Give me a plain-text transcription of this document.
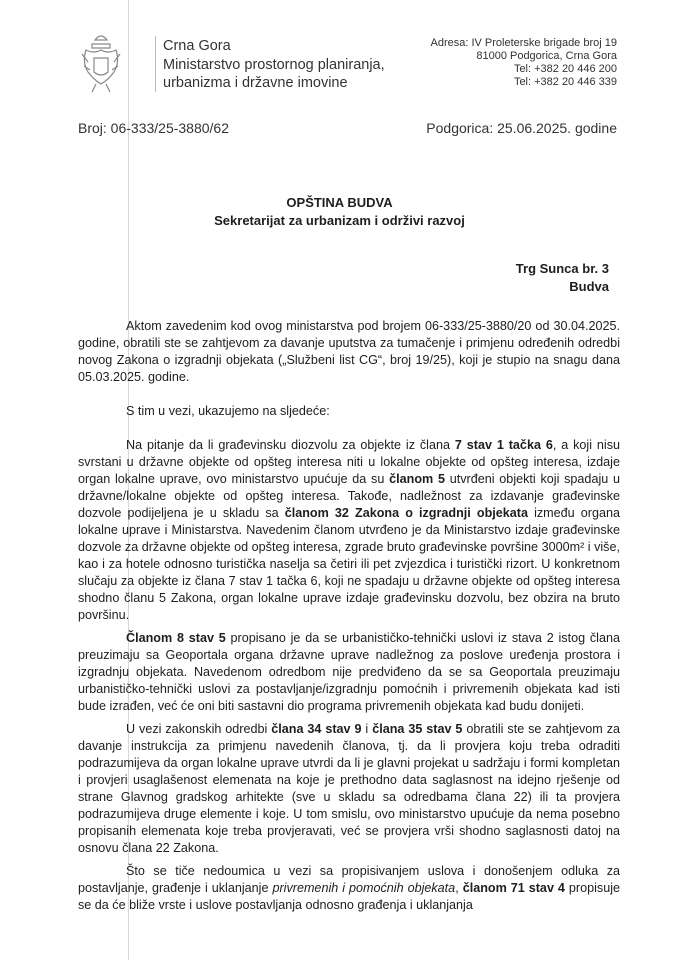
Crna Gora
Ministarstvo prostornog planiranja,
urbanizma i državne imovine
Adresa: IV Proleterske brigade broj 19
81000 Podgorica, Crna Gora
Tel: +382 20 446 200
Tel: +382 20 446 339
Broj: 06-333/25-3880/62	Podgorica: 25.06.2025. godine
OPŠTINA BUDVA
Sekretarijat za urbanizam i održivi razvoj
Trg Sunca br. 3
Budva

Aktom zavedenim kod ovog ministarstva pod brojem 06-333/25-3880/20 od 30.04.2025. godine, obratili ste se zahtjevom za davanje uputstva za tumačenje i primjenu određenih odredbi novog Zakona o izgradnji objekata („Službeni list CG“, broj 19/25), koji je stupio na snagu dana 05.03.2025. godine.

S tim u vezi, ukazujemo na sljedeće:

Na pitanje da li građevinsku diozvolu za objekte iz člana 7 stav 1 tačka 6, a koji nisu svrstani u državne objekte od opšteg interesa niti u lokalne objekte od opšteg interesa, izdaje organ lokalne uprave, ovo ministarstvo upućuje da su članom 5 utvrđeni objekti koji spadaju u državne/lokalne objekte od opšteg interesa. Takođe, nadležnost za izdavanje građevinske dozvole podijeljena je u skladu sa članom 32 Zakona o izgradnji objekata između organa lokalne uprave i Ministarstva. Navedenim članom utvrđeno je da Ministarstvo izdaje građevinske dozvole za državne objekte od opšteg interesa, zgrade bruto građevinske površine 3000m² i više, kao i za hotele odnosno turistička naselja sa četiri ili pet zvjezdica i turistički rizort. U konkretnom slučaju za objekte iz člana 7 stav 1 tačka 6, koji ne spadaju u državne objekte od opšteg interesa shodno članu 5 Zakona, organ lokalne uprave izdaje građevinsku dozvolu, bez obzira na bruto površinu.

Članom 8 stav 5 propisano je da se urbanističko-tehnički uslovi iz stava 2 istog člana preuzimaju sa Geoportala organa državne uprave nadležnog za poslove uređenja prostora i izgradnju objekata. Navedenom odredbom nije predviđeno da se sa Geoportala preuzimaju urbanističko-tehnički uslovi za postavljanje/izgradnju pomoćnih i privremenih objekata kad isti bude izrađen, već će oni biti sastavni dio programa privremenih objekata kad budu donijeti.

U vezi zakonskih odredbi člana 34 stav 9 i člana 35 stav 5 obratili ste se zahtjevom za davanje instrukcija za primjenu navedenih članova, tj. da li provjera koju treba odraditi podrazumijeva da organ lokalne uprave utvrdi da li je glavni projekat u sadržaju i formi kompletan i provjeri usaglašenost elemenata na koje je prethodno data saglasnost na idejno rješenje od strane Glavnog gradskog arhitekte (sve u skladu sa odredbama člana 22) ili ta provjera podrazumijeva druge elemente i koje. U tom smislu, ovo ministarstvo upućuje da nema posebno propisanih elemenata koje treba provjeravati, već se provjera vrši shodno saglasnosti datoj na osnovu člana 22 Zakona.

Što se tiče nedoumica u vezi sa propisivanjem uslova i donošenjem odluka za postavljanje, građenje i uklanjanje privremenih i pomoćnih objekata, članom 71 stav 4 propisuje se da će bliže vrste i uslove postavljanja odnosno građenja i uklanjanja
